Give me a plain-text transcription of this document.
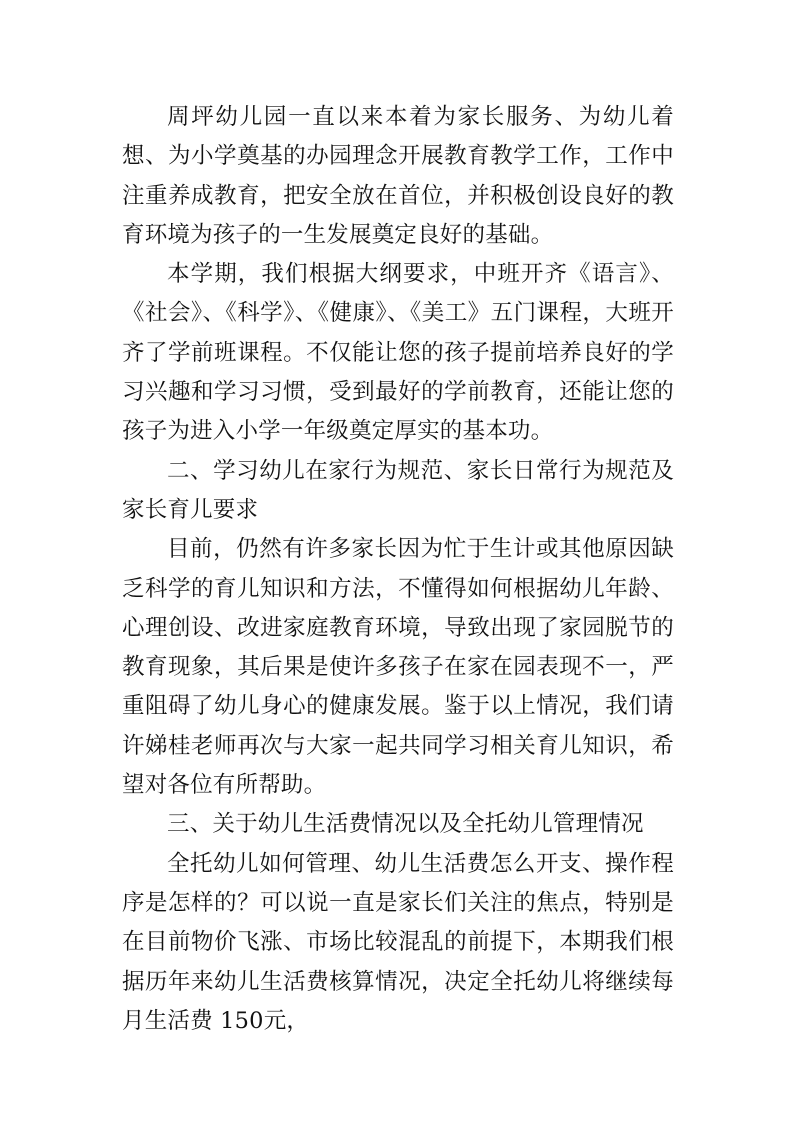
周坪幼儿园一直以来本着为家长服务、为幼儿着想、为小学奠基的办园理念开展教育教学工作，工作中注重养成教育，把安全放在首位，并积极创设良好的教育环境为孩子的一生发展奠定良好的基础。

本学期，我们根据大纲要求，中班开齐《语言》、《社会》、《科学》、《健康》、《美工》五门课程，大班开齐了学前班课程。不仅能让您的孩子提前培养良好的学习兴趣和学习习惯，受到最好的学前教育，还能让您的孩子为进入小学一年级奠定厚实的基本功。

二、学习幼儿在家行为规范、家长日常行为规范及家长育儿要求

目前，仍然有许多家长因为忙于生计或其他原因缺乏科学的育儿知识和方法，不懂得如何根据幼儿年龄、心理创设、改进家庭教育环境，导致出现了家园脱节的教育现象，其后果是使许多孩子在家在园表现不一，严重阻碍了幼儿身心的健康发展。鉴于以上情况，我们请许娣桂老师再次与大家一起共同学习相关育儿知识，希望对各位有所帮助。

三、关于幼儿生活费情况以及全托幼儿管理情况

全托幼儿如何管理、幼儿生活费怎么开支、操作程序是怎样的？可以说一直是家长们关注的焦点，特别是在目前物价飞涨、市场比较混乱的前提下，本期我们根据历年来幼儿生活费核算情况，决定全托幼儿将继续每月生活费 150元，
